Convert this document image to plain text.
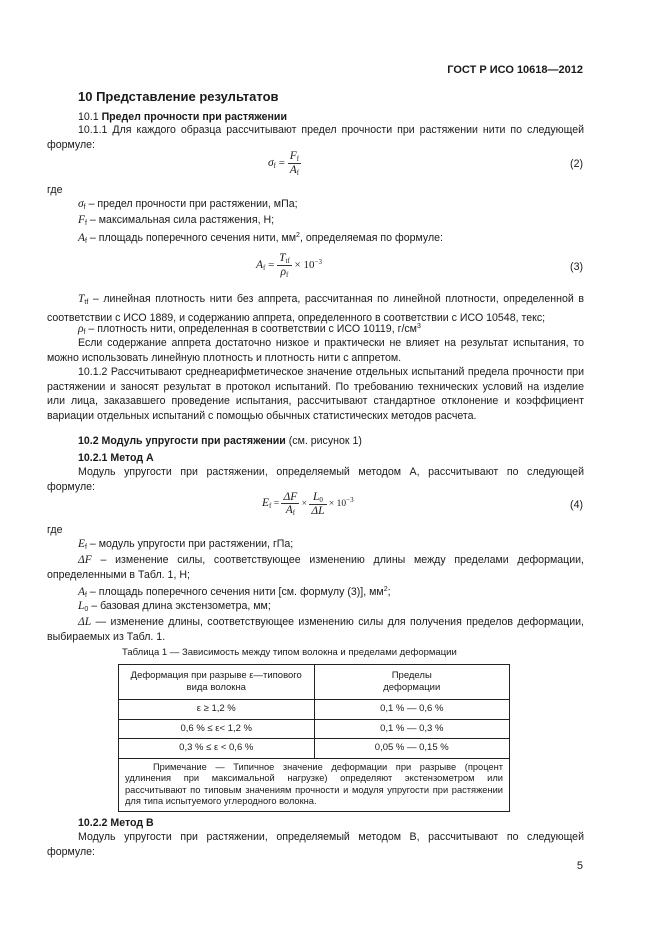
ГОСТ Р ИСО 10618—2012
10 Представление результатов
10.1 Предел прочности при растяжении

10.1.1 Для каждого образца рассчитывают предел прочности при растяжении нити по следующей формуле:

$\sigma_f = \frac{F_f}{A_f}$	(2)
где
$\sigma_f$ – предел прочности при растяжении, мПа;
$F_f$ – максимальная сила растяжения, Н;
$A_f$ – площадь поперечного сечения нити, $мм^2$, определяемая по формуле:
$A_f = \frac{T_{tf}}{\rho_f} \times 10^{-3}$	(3)
$T_{tf}$ – линейная плотность нити без аппрета, рассчитанная по линейной плотности, определенной в соответствии с ИСО 1889, и содержанию аппрета, определенного в соответствии с ИСО 10548, текс;
$\rho_f$ – плотность нити, определенная в соответствии с ИСО 10119, $г/см^3$

Если содержание аппрета достаточно низкое и практически не влияет на результат испытания, то можно использовать линейную плотность и плотность нити с аппретом.

10.1.2 Рассчитывают среднеарифметическое значение отдельных испытаний предела прочности при растяжении и заносят результат в протокол испытаний. По требованию технических условий на изделие или лица, заказавшего проведение испытания, рассчитывают стандартное отклонение и коэффициент вариации отдельных испытаний с помощью обычных статистических методов расчета.

10.2 Модуль упругости при растяжении (см. рисунок 1)
10.2.1 Метод А

Модуль упругости при растяжении, определяемый методом А, рассчитывают по следующей формуле:

$E_f = \frac{\Delta F}{A_f} \times \frac{L_0}{\Delta L} \times 10^{-3}$	(4)
где
$E_f$ – модуль упругости при растяжении, гПа;
ΔF – изменение силы, соответствующее изменению длины между пределами деформации, определенными в Табл. 1, Н;
$A_f$ – площадь поперечного сечения нити [см. формулу (3)], $мм^2$;
$L_0$ – базовая длина экстензометра, мм;
ΔL — изменение длины, соответствующее изменению силы для получения пределов деформации, выбираемых из Табл. 1.
Таблица 1 — Зависимость между типом волокна и пределами деформации
Деформация при разрыве ε—типового вида волокна	Пределы деформации
ε ≥ 1,2 %	0,1 % — 0,6 %
0,6 % ≤ ε< 1,2 %	0,1 % — 0,3 %
0,3 % ≤ ε < 0,6 %	0,05 % — 0,15 %
Примечание — Типичное значение деформации при разрыве (процент удлинения при максимальной нагрузке) определяют экстензометром или рассчитывают по типовым значениям прочности и модуля упругости при растяжении для типа испытуемого углеродного волокна.	
10.2.2 Метод В

Модуль упругости при растяжении, определяемый методом В, рассчитывают по следующей формуле:

5
